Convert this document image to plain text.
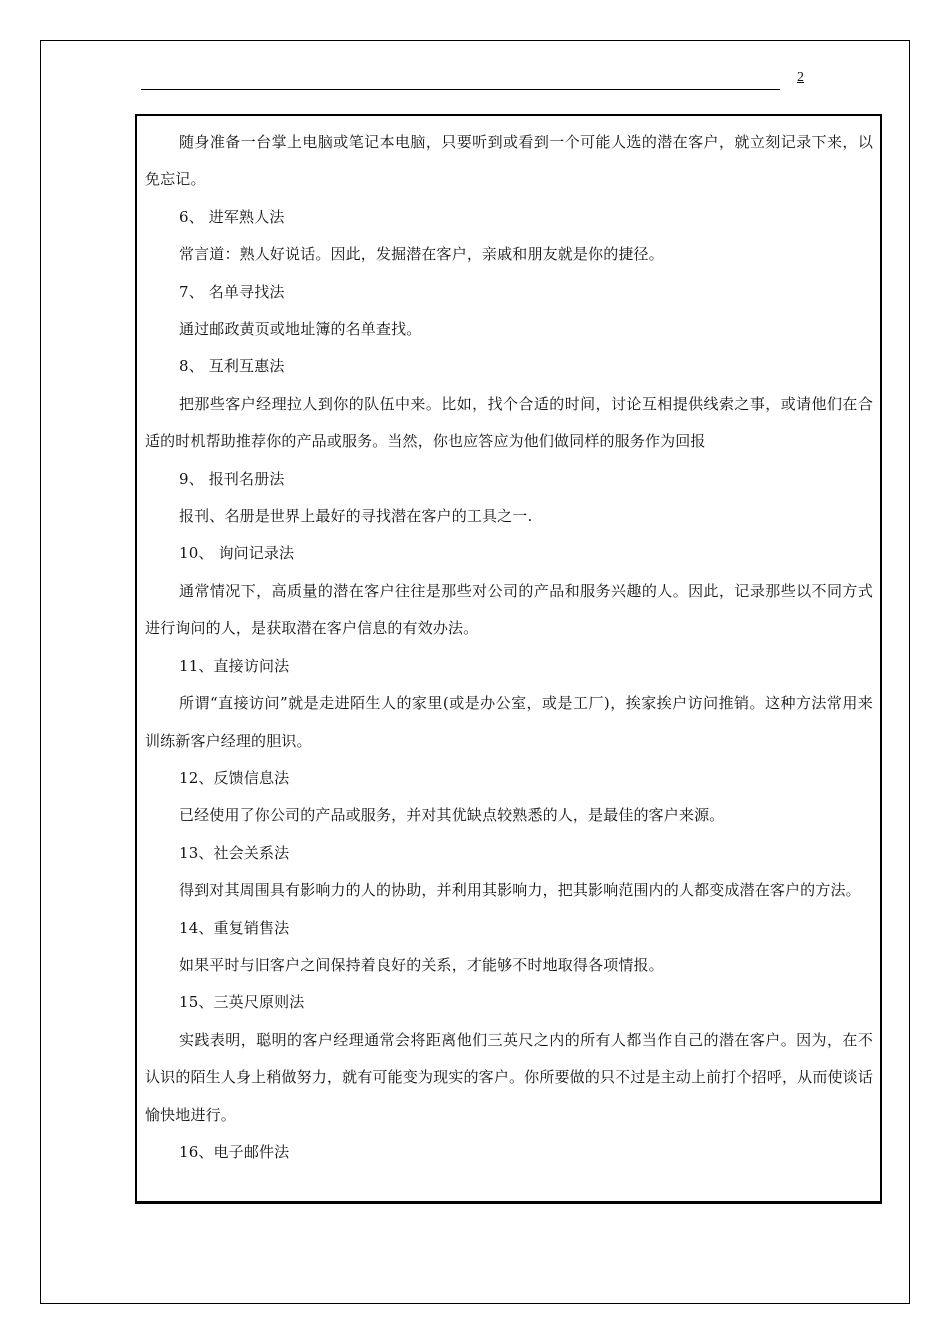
2

随身准备一台掌上电脑或笔记本电脑，只要听到或看到一个可能人选的潜在客户，就立刻记录下来，以免忘记。

6、 进军熟人法

常言道：熟人好说话。因此，发掘潜在客户，亲戚和朋友就是你的捷径。

7、 名单寻找法

通过邮政黄页或地址簿的名单查找。

8、 互利互惠法

把那些客户经理拉人到你的队伍中来。比如，找个合适的时间，讨论互相提供线索之事，或请他们在合适的时机帮助推荐你的产品或服务。当然，你也应答应为他们做同样的服务作为回报

9、 报刊名册法

报刊、名册是世界上最好的寻找潜在客户的工具之一.

10、 询问记录法

通常情况下，高质量的潜在客户往往是那些对公司的产品和服务兴趣的人。因此，记录那些以不同方式进行询问的人，是获取潜在客户信息的有效办法。

11、直接访问法

所谓“直接访问”就是走进陌生人的家里(或是办公室，或是工厂)，挨家挨户访问推销。这种方法常用来训练新客户经理的胆识。

12、反馈信息法

已经使用了你公司的产品或服务，并对其优缺点较熟悉的人，是最佳的客户来源。

13、社会关系法

得到对其周围具有影响力的人的协助，并利用其影响力，把其影响范围内的人都变成潜在客户的方法。

14、重复销售法

如果平时与旧客户之间保持着良好的关系，才能够不时地取得各项情报。

15、三英尺原则法

实践表明，聪明的客户经理通常会将距离他们三英尺之内的所有人都当作自己的潜在客户。因为，在不认识的陌生人身上稍做努力，就有可能变为现实的客户。你所要做的只不过是主动上前打个招呼，从而使谈话愉快地进行。

16、电子邮件法
